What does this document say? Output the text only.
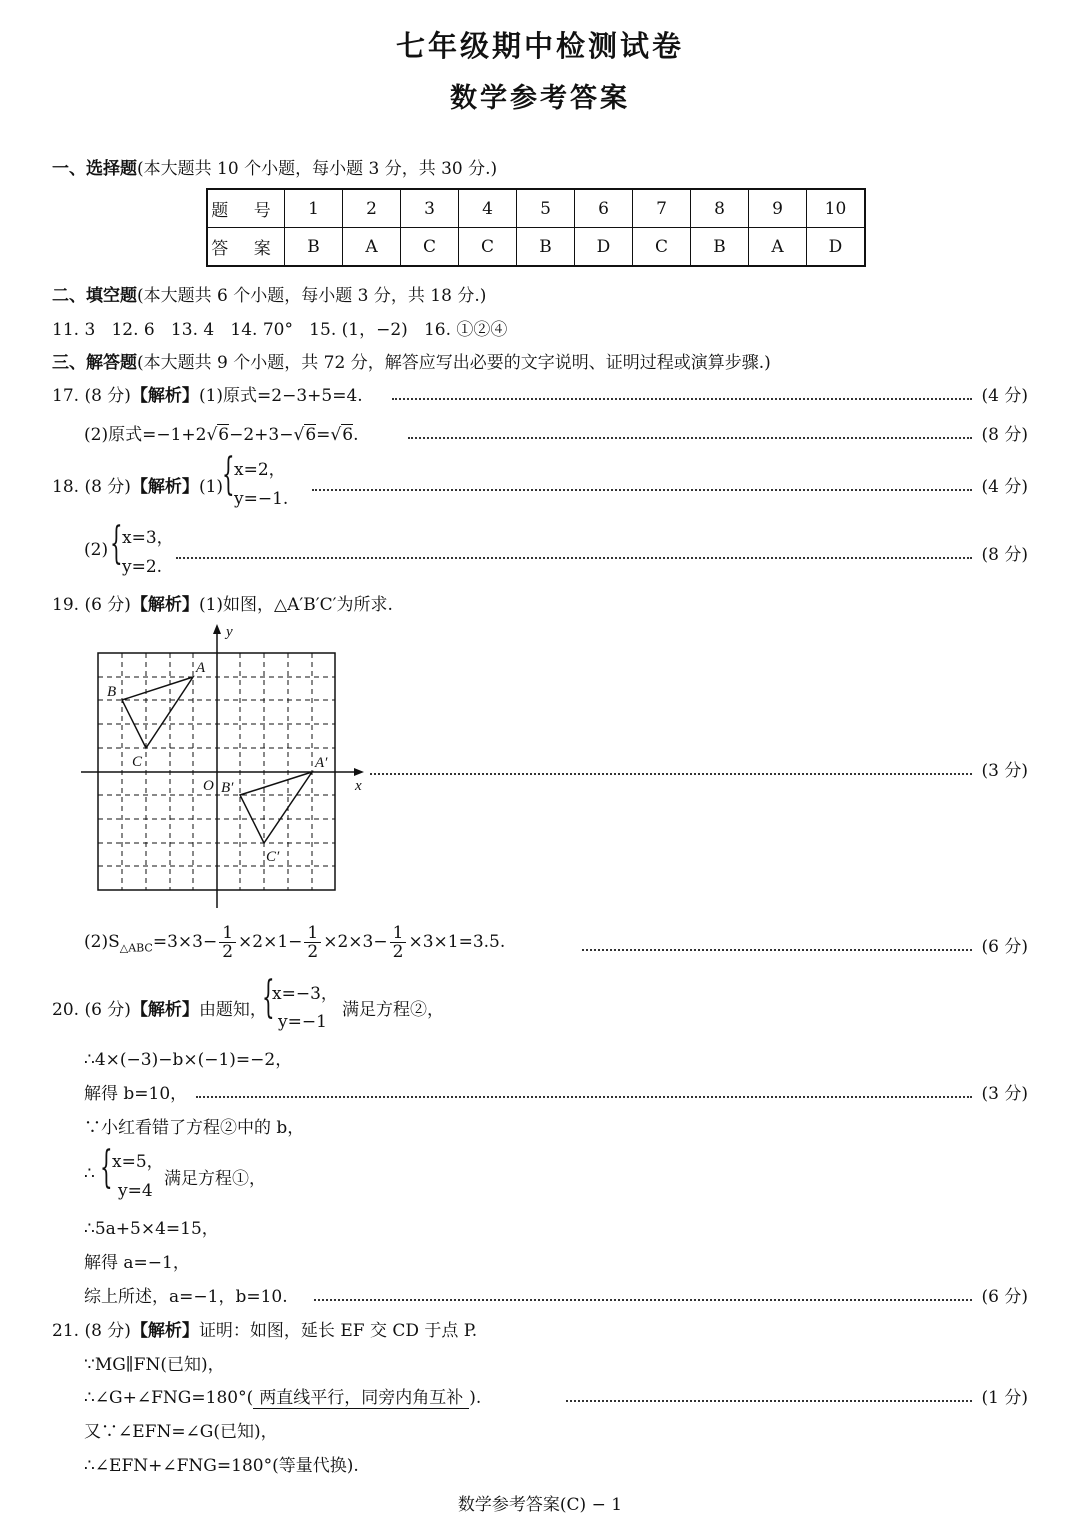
七年级期中检测试卷
数学参考答案
一、选择题(本大题共 10 个小题，每小题 3 分，共 30 分.)
题 号	1	2	3	4	5	6	7	8	9	10
答 案	B	A	C	C	B	D	C	B	A	D
二、填空题(本大题共 6 个小题，每小题 3 分，共 18 分.)
11. 3   12. 6   13. 4   14. 70°   15. (1，−2)   16. ①②④
三、解答题(本大题共 9 个小题，共 72 分，解答应写出必要的文字说明、证明过程或演算步骤.)
17. (8 分)【解析】(1)原式=2−3+5=4.	(4 分)
(2)原式=−1+2√6−2+3−√6=√6.	(8 分)
18. (8 分)【解析】(1)
{ x=2，
y=−1.
(4 分)
(2) { x=3，
y=2.
(8 分)
19. (6 分)【解析】(1)如图，△A′B′C′为所求.
y
x
O
A
B
C	A′
B′
C′
(3 分)
$(2)S_{\triangle ABC}=3\times 3- \frac{1}{2} \times 2\times 1- \frac{1}{2} \times 2\times 3- \frac{1}{2} \times 3\times 1=3.5$.	(6 分)
20. (6 分)【解析】由题知，
{
x=−3，
y=−1
满足方程②，
∴4×(−3)−b×(−1)=−2，
解得 b=10，	(3 分)
∵小红看错了方程②中的 b，
∴ { x=5，
y=4
满足方程①，
∴5a+5×4=15，
解得 a=−1，
综上所述，a=−1，b=10.	(6 分)
21. (8 分)【解析】证明：如图，延长 EF 交 CD 于点 P.
∵MG∥FN(已知)，
∴∠G+∠FNG=180°( 两直线平行，同旁内角互补 ).	(1 分)
又∵∠EFN=∠G(已知)，
∴∠EFN+∠FNG=180°(等量代换).
数学参考答案(C) − 1
